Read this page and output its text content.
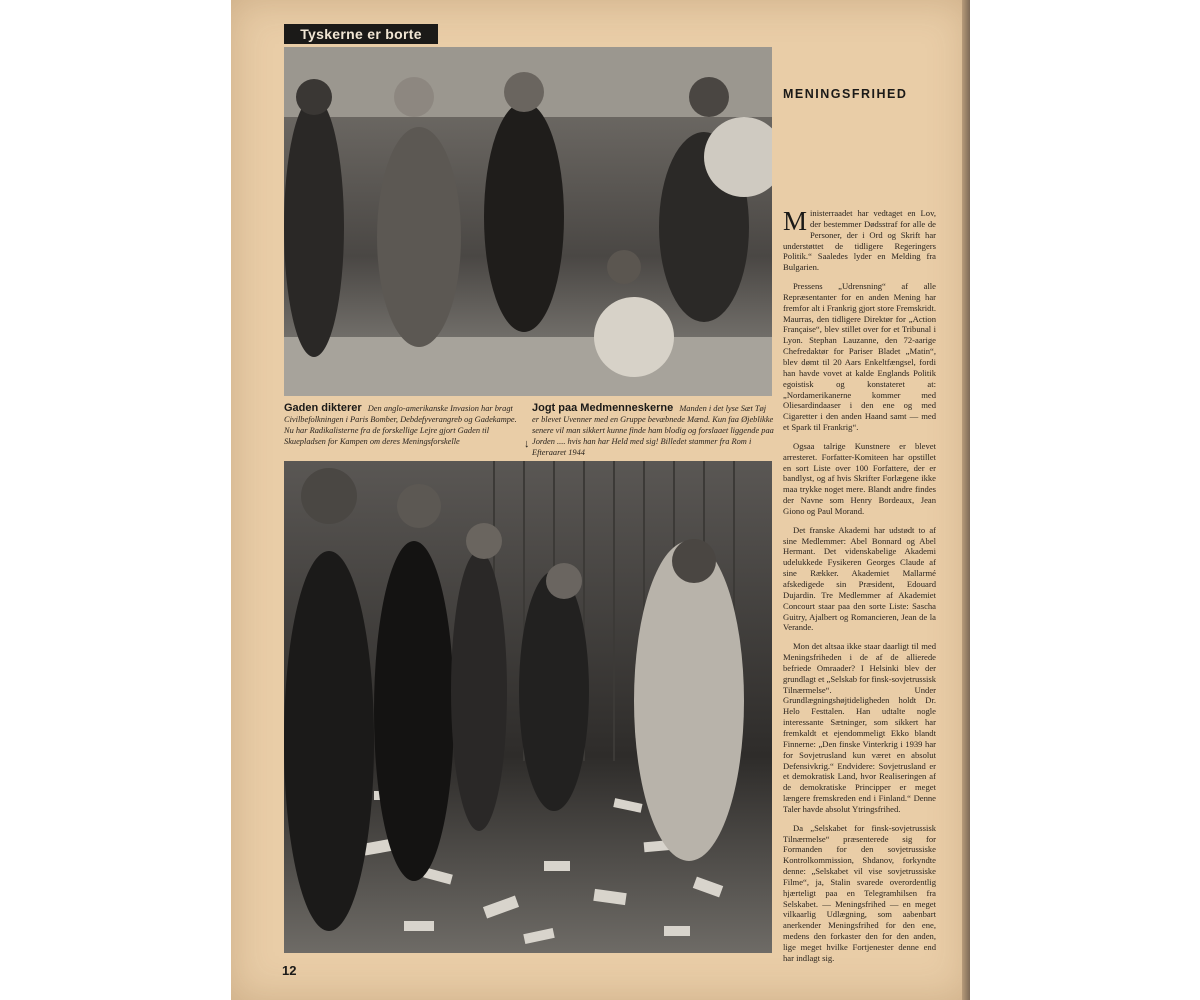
Tyskerne er borte
Gaden dikterer Den anglo-amerikanske Invasion har bragt Civilbefolkningen i Paris Bomber, Debdefyverangreb og Gadekampe. Nu har Radikalisterne fra de forskellige Lejre gjort Gaden til Skuepladsen for Kampen om deres Meningsforskelle
Jogt paa Medmenneskerne Manden i det lyse Sæt Tøj er blevet Uvenner med en Gruppe bevæbnede Mænd. Kun faa Øjeblikke senere vil man sikkert kunne finde ham blodig og forslaaet liggende paa Jorden .... hvis han har Held med sig! Billedet stammer fra Rom i Efteraaret 1944
↓
MENINGSFRIHED

Ministerraadet har vedtaget en Lov, der bestemmer Dødsstraf for alle de Personer, der i Ord og Skrift har understøttet de tidligere Regeringers Politik.“ Saaledes lyder en Melding fra Bulgarien.

Pressens „Udrensning“ af alle Repræsentanter for en anden Mening har fremfor alt i Frankrig gjort store Fremskridt. Maurras, den tidligere Direktør for „Action Française“, blev stillet over for et Tribunal i Lyon. Stephan Lauzanne, den 72-aarige Chefredaktør for Pariser Bladet „Matin“, blev dømt til 20 Aars Enkeltfængsel, fordi han havde vovet at kalde Englands Politik egoistisk og konstateret at: „Nordamerikanerne kommer med Oliesardindaaser i den ene og med Cigaretter i den anden Haand samt — med et Spark til Frankrig“.

Ogsaa talrige Kunstnere er blevet arresteret. Forfatter-Komiteen har opstillet en sort Liste over 100 Forfattere, der er bandlyst, og af hvis Skrifter Forlægene ikke maa trykke noget mere. Blandt andre findes der Navne som Henry Bordeaux, Jean Giono og Paul Morand.

Det franske Akademi har udstødt to af sine Medlemmer: Abel Bonnard og Abel Hermant. Det videnskabelige Akademi udelukkede Fysikeren Georges Claude af sine Rækker. Akademiet Mallarmé afskedigede sin Præsident, Edouard Dujardin. Tre Medlemmer af Akademiet Concourt staar paa den sorte Liste: Sascha Guitry, Ajalbert og Romancieren, Jean de la Verande.

Mon det altsaa ikke staar daarligt til med Meningsfriheden i de af de allierede befriede Omraader? I Helsinki blev der grundlagt et „Selskab for finsk-sovjetrussisk Tilnærmelse“. Under Grundlægningshøjtideligheden holdt Dr. Helo Festtalen. Han udtalte nogle interessante Sætninger, som sikkert har fremkaldt et ejendommeligt Ekko blandt Finnerne: „Den finske Vinterkrig i 1939 har for Sovjetrusland kun været en absolut Defensivkrig.“ Endvidere: Sovjetrusland er et demokratisk Land, hvor Realiseringen af de demokratiske Principper er meget længere fremskreden end i Finland.“ Denne Taler havde absolut Ytringsfrihed.

Da „Selskabet for finsk-sovjetrussisk Tilnærmelse“ præsenterede sig for Formanden for den sovjetrussiske Kontrolkommission, Shdanov, forkyndte denne: „Selskabet vil vise sovjetrussiske Filme“, ja, Stalin svarede overordentlig hjærteligt paa en Telegramhilsen fra Selskabet. — Meningsfrihed — en meget vilkaarlig Udlægning, som aabenbart anerkender Meningsfrihed for den ene, medens den forkaster den for den anden, lige meget hvilke Fortjenester denne end har indlagt sig.

12
